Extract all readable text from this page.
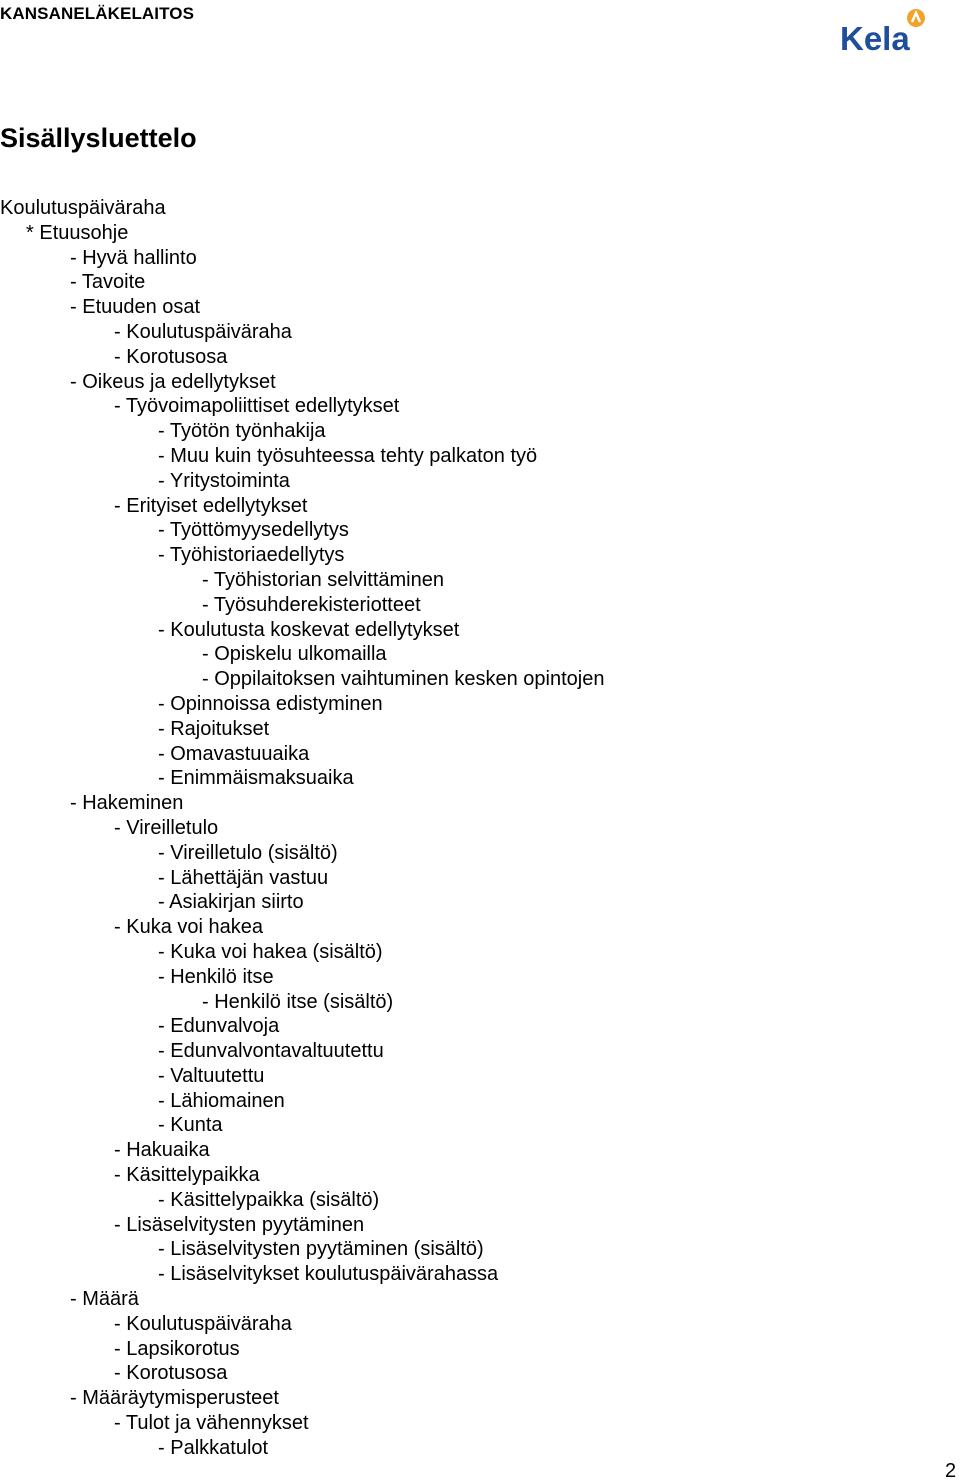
KANSANELÄKELAITOS
Kela
Sisällysluettelo
Koulutuspäiväraha
* Etuusohje
- Hyvä hallinto
- Tavoite
- Etuuden osat
- Koulutuspäiväraha
- Korotusosa
- Oikeus ja edellytykset
- Työvoimapoliittiset edellytykset
- Työtön työnhakija
- Muu kuin työsuhteessa tehty palkaton työ
- Yritystoiminta
- Erityiset edellytykset
- Työttömyysedellytys
- Työhistoriaedellytys
- Työhistorian selvittäminen
- Työsuhderekisteriotteet
- Koulutusta koskevat edellytykset
- Opiskelu ulkomailla
- Oppilaitoksen vaihtuminen kesken opintojen
- Opinnoissa edistyminen
- Rajoitukset
- Omavastuuaika
- Enimmäismaksuaika
- Hakeminen
- Vireilletulo
- Vireilletulo (sisältö)
- Lähettäjän vastuu
- Asiakirjan siirto
- Kuka voi hakea
- Kuka voi hakea (sisältö)
- Henkilö itse
- Henkilö itse (sisältö)
- Edunvalvoja
- Edunvalvontavaltuutettu
- Valtuutettu
- Lähiomainen
- Kunta
- Hakuaika
- Käsittelypaikka
- Käsittelypaikka (sisältö)
- Lisäselvitysten pyytäminen
- Lisäselvitysten pyytäminen (sisältö)
- Lisäselvitykset koulutuspäivärahassa
- Määrä
- Koulutuspäiväraha
- Lapsikorotus
- Korotusosa
- Määräytymisperusteet
- Tulot ja vähennykset
- Palkkatulot
2
